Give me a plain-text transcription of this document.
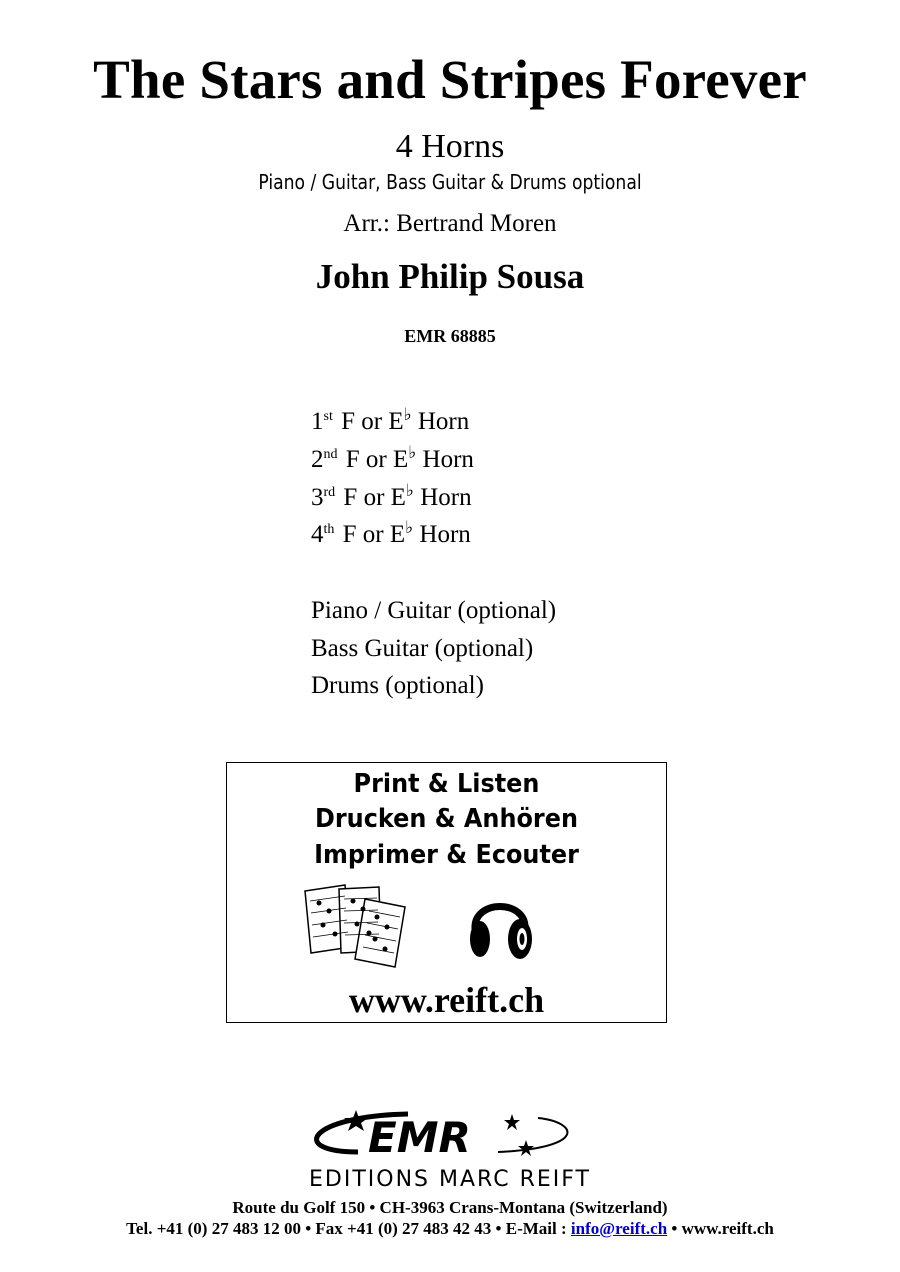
The Stars and Stripes Forever
4 Horns
Piano / Guitar, Bass Guitar & Drums optional
Arr.: Bertrand Moren
John Philip Sousa
EMR 68885
1st F or E♭ Horn
2nd F or E♭ Horn
3rd F or E♭ Horn
4th F or E♭ Horn
Piano / Guitar (optional)
Bass Guitar (optional)
Drums (optional)
Print & Listen
Drucken & Anhören
Imprimer & Ecouter
www.reift.ch
EMR
EDITIONS MARC REIFT
Route du Golf 150 • CH-3963 Crans-Montana (Switzerland)
Tel. +41 (0) 27 483 12 00 • Fax +41 (0) 27 483 42 43 • E-Mail : info@reift.ch • www.reift.ch
